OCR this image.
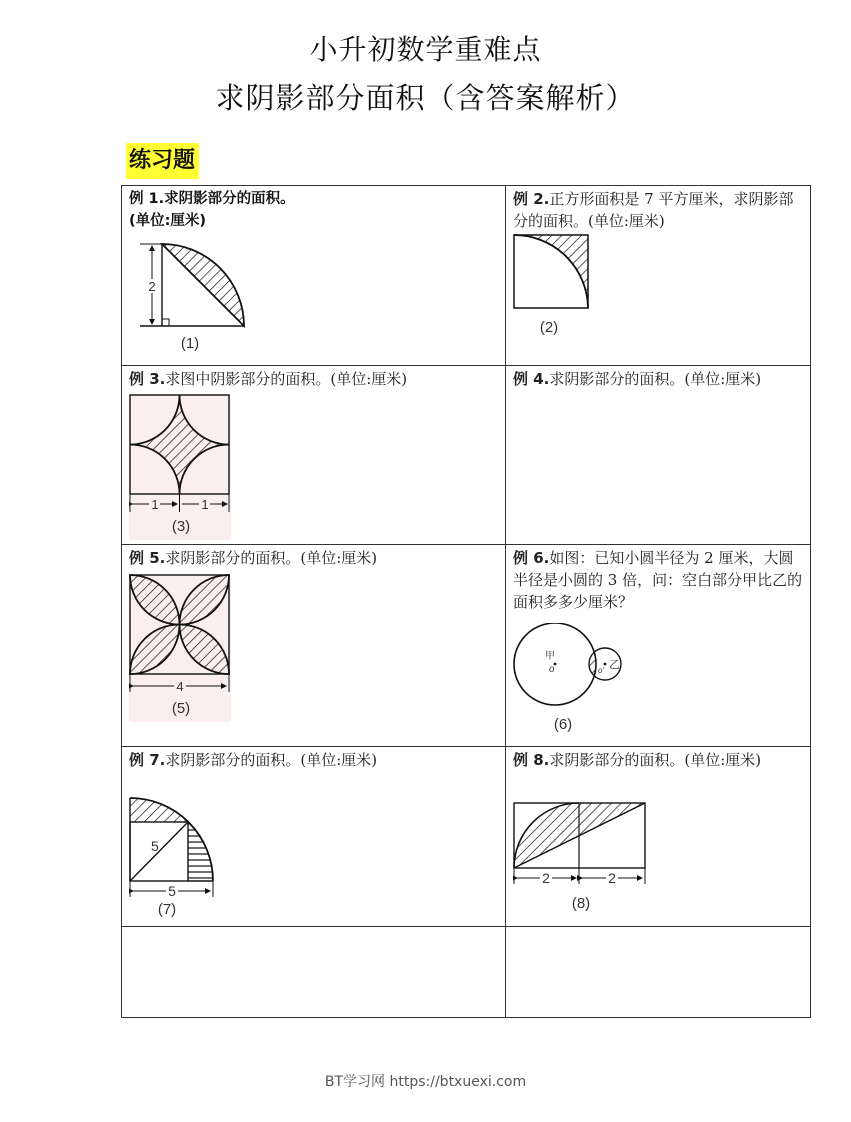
小升初数学重难点
求阴影部分面积（含答案解析）
练习题
例 1.求阴影部分的面积。
(单位:厘米)
2
(1)

例 2.正方形面积是 7 平方厘米，求阴影部分的面积。(单位:厘米)
(2)

例 3.求图中阴影部分的面积。(单位:厘米)
1 1
(3)	例 4.求阴影部分的面积。(单位:厘米)

例 5.求阴影部分的面积。(单位:厘米)
4
(5)

例 6.如图：已知小圆半径为 2 厘米，大圆半径是小圆的 3 倍，问：空白部分甲比乙的面积多多少厘米？
甲
o	乙
o'
(6)

例 7.求阴影部分的面积。(单位:厘米)
5
5
(7)	例 8.求阴影部分的面积。(单位:厘米)
2 2
(8)

BT学习网 https://btxuexi.com
